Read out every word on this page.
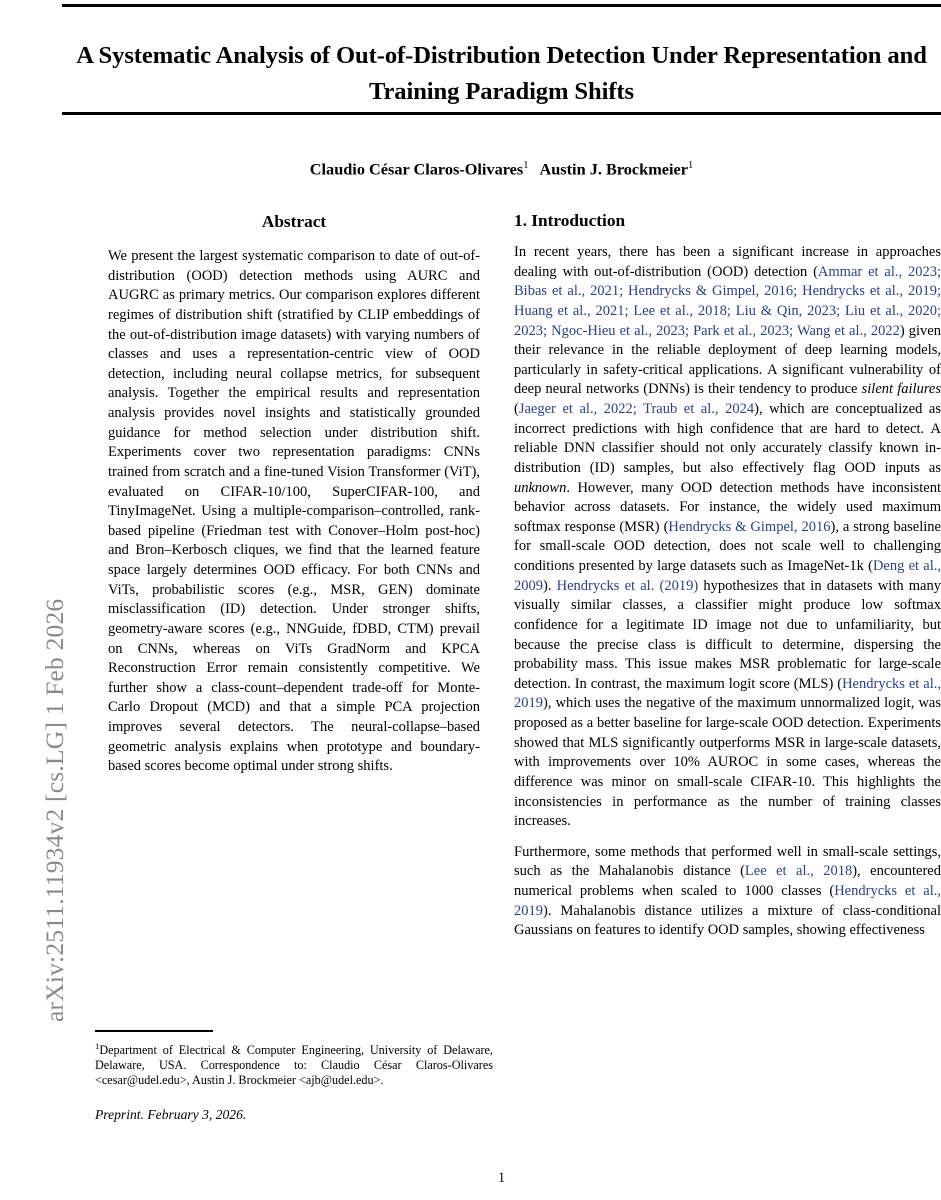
arXiv:2511.11934v2 [cs.LG] 1 Feb 2026
A Systematic Analysis of Out-of-Distribution Detection Under Representation and Training Paradigm Shifts
Claudio César Claros-Olivares$^1$ Austin J. Brockmeier$^1$
Abstract

We present the largest systematic comparison to date of out-of-distribution (OOD) detection methods using AURC and AUGRC as primary metrics. Our comparison explores different regimes of distribution shift (stratified by CLIP embeddings of the out-of-distribution image datasets) with varying numbers of classes and uses a representation-centric view of OOD detection, including neural collapse metrics, for subsequent analysis. Together the empirical results and representation analysis provides novel insights and statistically grounded guidance for method selection under distribution shift. Experiments cover two representation paradigms: CNNs trained from scratch and a fine-tuned Vision Transformer (ViT), evaluated on CIFAR-10/100, SuperCIFAR-100, and TinyImageNet. Using a multiple-comparison–controlled, rank-based pipeline (Friedman test with Conover–Holm post-hoc) and Bron–Kerbosch cliques, we find that the learned feature space largely determines OOD efficacy. For both CNNs and ViTs, probabilistic scores (e.g., MSR, GEN) dominate misclassification (ID) detection. Under stronger shifts, geometry-aware scores (e.g., NNGuide, fDBD, CTM) prevail on CNNs, whereas on ViTs GradNorm and KPCA Reconstruction Error remain consistently competitive. We further show a class-count–dependent trade-off for Monte-Carlo Dropout (MCD) and that a simple PCA projection improves several detectors. The neural-collapse–based geometric analysis explains when prototype and boundary-based scores become optimal under strong shifts.

1. Introduction

In recent years, there has been a significant increase in approaches dealing with out-of-distribution (OOD) detection (Ammar et al., 2023; Bibas et al., 2021; Hendrycks & Gimpel, 2016; Hendrycks et al., 2019; Huang et al., 2021; Lee et al., 2018; Liu & Qin, 2023; Liu et al., 2020; 2023; Ngoc-Hieu et al., 2023; Park et al., 2023; Wang et al., 2022) given their relevance in the reliable deployment of deep learning models, particularly in safety-critical applications. A significant vulnerability of deep neural networks (DNNs) is their tendency to produce silent failures (Jaeger et al., 2022; Traub et al., 2024), which are conceptualized as incorrect predictions with high confidence that are hard to detect. A reliable DNN classifier should not only accurately classify known in-distribution (ID) samples, but also effectively flag OOD inputs as unknown. However, many OOD detection methods have inconsistent behavior across datasets. For instance, the widely used maximum softmax response (MSR) (Hendrycks & Gimpel, 2016), a strong baseline for small-scale OOD detection, does not scale well to challenging conditions presented by large datasets such as ImageNet-1k (Deng et al., 2009). Hendrycks et al. (2019) hypothesizes that in datasets with many visually similar classes, a classifier might produce low softmax confidence for a legitimate ID image not due to unfamiliarity, but because the precise class is difficult to determine, dispersing the probability mass. This issue makes MSR problematic for large-scale detection. In contrast, the maximum logit score (MLS) (Hendrycks et al., 2019), which uses the negative of the maximum unnormalized logit, was proposed as a better baseline for large-scale OOD detection. Experiments showed that MLS significantly outperforms MSR in large-scale datasets, with improvements over 10% AUROC in some cases, whereas the difference was minor on small-scale CIFAR-10. This highlights the inconsistencies in performance as the number of training classes increases.

Furthermore, some methods that performed well in small-scale settings, such as the Mahalanobis distance (Lee et al., 2018), encountered numerical problems when scaled to 1000 classes (Hendrycks et al., 2019). Mahalanobis distance utilizes a mixture of class-conditional Gaussians on features to identify OOD samples, showing effectiveness

$^1$Department of Electrical & Computer Engineering, University of Delaware, Delaware, USA. Correspondence to: Claudio César Claros-Olivares <cesar@udel.edu>, Austin J. Brockmeier <ajb@udel.edu>.

Preprint. February 3, 2026.
1
